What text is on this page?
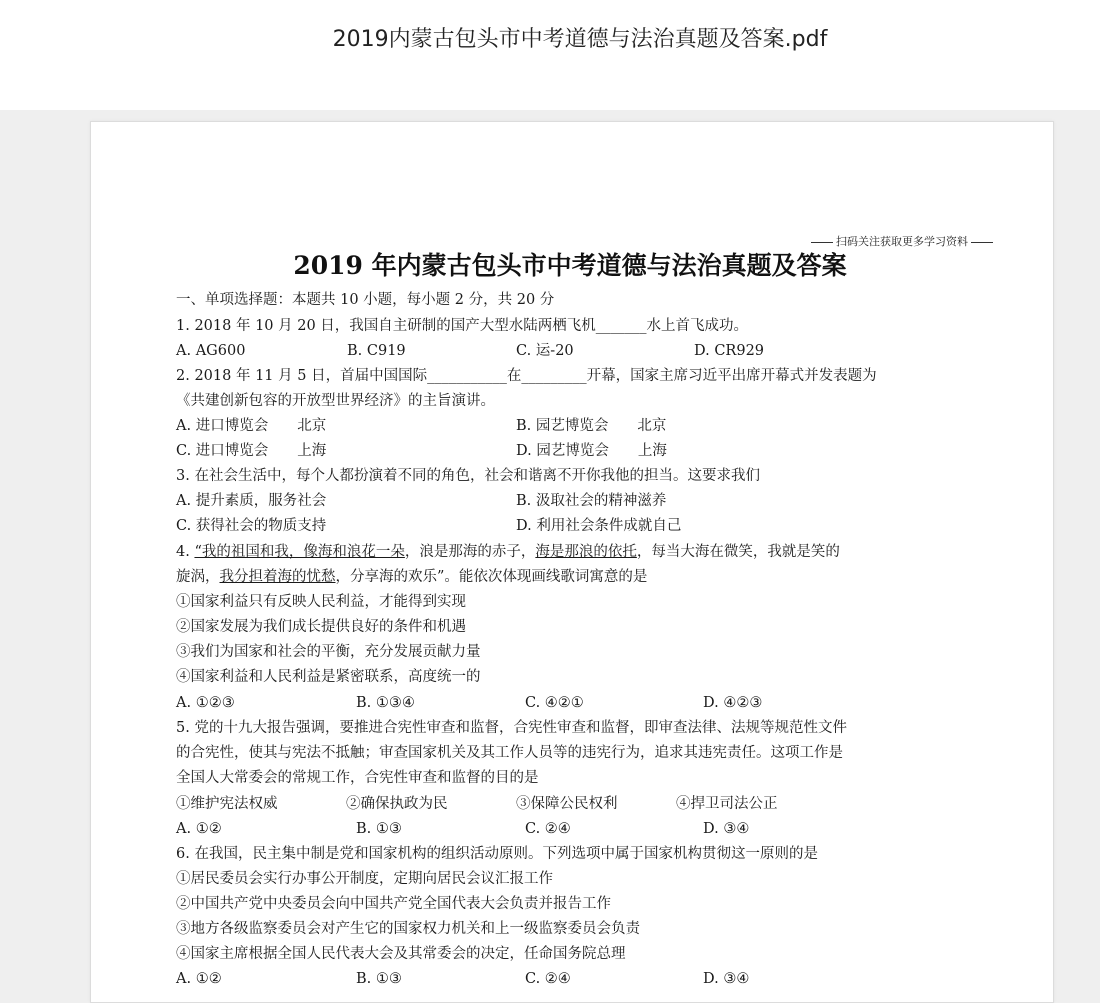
2019内蒙古包头市中考道德与法治真题及答案.pdf
扫码关注获取更多学习资料
2019 年内蒙古包头市中考道德与法治真题及答案
一、单项选择题：本题共 10 小题，每小题 2 分，共 20 分
1. 2018 年 10 月 20 日，我国自主研制的国产大型水陆两栖飞机_______水上首飞成功。
A. AG600	B. C919	C. 运-20	D. CR929
2. 2018 年 11 月 5 日，首届中国国际___________在_________开幕，国家主席习近平出席开幕式并发表题为
《共建创新包容的开放型世界经济》的主旨演讲。
A. 进口博览会　　北京	B. 园艺博览会　　北京
C. 进口博览会　　上海	D. 园艺博览会　　上海
3. 在社会生活中，每个人都扮演着不同的角色，社会和谐离不开你我他的担当。这要求我们
A. 提升素质，服务社会	B. 汲取社会的精神滋养
C. 获得社会的物质支持	D. 利用社会条件成就自己
4. “我的祖国和我，像海和浪花一朵，浪是那海的赤子，海是那浪的依托，每当大海在微笑，我就是笑的
旋涡，我分担着海的忧愁，分享海的欢乐”。能依次体现画线歌词寓意的是
①国家利益只有反映人民利益，才能得到实现
②国家发展为我们成长提供良好的条件和机遇
③我们为国家和社会的平衡，充分发展贡献力量
④国家利益和人民利益是紧密联系，高度统一的
A. ①②③	B. ①③④	C. ④②①	D. ④②③
5. 党的十九大报告强调，要推进合宪性审查和监督，合宪性审查和监督，即审查法律、法规等规范性文件
的合宪性，使其与宪法不抵触；审查国家机关及其工作人员等的违宪行为，追求其违宪责任。这项工作是
全国人大常委会的常规工作，合宪性审查和监督的目的是
①维护宪法权威	②确保执政为民	③保障公民权利	④捍卫司法公正
A. ①②	B. ①③	C. ②④	D. ③④
6. 在我国，民主集中制是党和国家机构的组织活动原则。下列选项中属于国家机构贯彻这一原则的是
①居民委员会实行办事公开制度，定期向居民会议汇报工作
②中国共产党中央委员会向中国共产党全国代表大会负责并报告工作
③地方各级监察委员会对产生它的国家权力机关和上一级监察委员会负责
④国家主席根据全国人民代表大会及其常委会的决定，任命国务院总理
A. ①②	B. ①③	C. ②④	D. ③④
